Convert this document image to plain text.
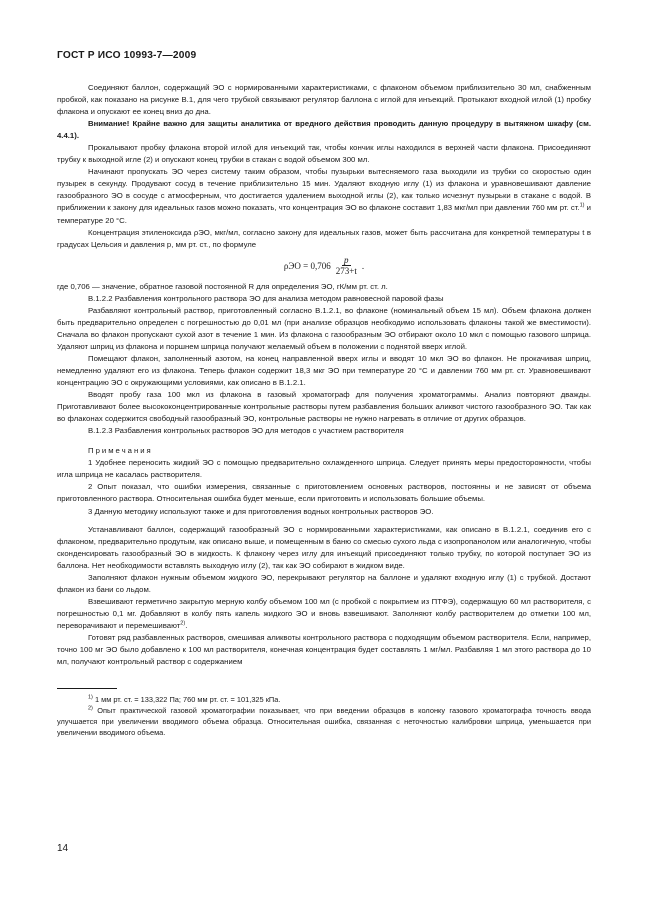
ГОСТ Р ИСО 10993-7—2009

Соединяют баллон, содержащий ЭО с нормированными характеристиками, с флаконом объемом приблизительно 30 мл, снабженным пробкой, как показано на рисунке В.1, для чего трубкой связывают регулятор баллона с иглой для инъекций. Протыкают входной иглой (1) пробку флакона и опускают ее конец вниз до дна.

Внимание! Крайне важно для защиты аналитика от вредного действия проводить данную процедуру в вытяжном шкафу (см. 4.4.1).

Прокалывают пробку флакона второй иглой для инъекций так, чтобы кончик иглы находился в верхней части флакона. Присоединяют трубку к выходной игле (2) и опускают конец трубки в стакан с водой объемом 300 мл.

Начинают пропускать ЭО через систему таким образом, чтобы пузырьки вытесняемого газа выходили из трубки со скоростью один пузырек в секунду. Продувают сосуд в течение приблизительно 15 мин. Удаляют входную иглу (1) из флакона и уравновешивают давление газообразного ЭО в сосуде с атмосферным, что достигается удалением выходной иглы (2), как только исчезнут пузырьки в стакане с водой. В приближении к закону для идеальных газов можно показать, что концентрация ЭО во флаконе составит 1,83 мкг/мл при давлении 760 мм рт. ст.$^{1)}$ и температуре 20 °C.

Концентрация этиленоксида ρЭО, мкг/мл, согласно закону для идеальных газов, может быть рассчитана для конкретной температуры t в градусах Цельсия и давления p, мм рт. ст., по формуле

$\rho ЭО = 0,706 \frac{p}{273+t}$ .

где 0,706 — значение, обратное газовой постоянной R для определения ЭО, гК/мм рт. ст. л.

В.1.2.2 Разбавления контрольного раствора ЭО для анализа методом равновесной паровой фазы

Разбавляют контрольный раствор, приготовленный согласно В.1.2.1, во флаконе (номинальный объем 15 мл). Объем флакона должен быть предварительно определен с погрешностью до 0,01 мл (при анализе образцов необходимо использовать флаконы такой же вместимости). Сначала во флакон пропускают сухой азот в течение 1 мин. Из флакона с газообразным ЭО отбирают около 10 мкл с помощью газового шприца. Удаляют шприц из флакона и поршнем шприца получают желаемый объем в положении с поднятой вверх иглой.

Помещают флакон, заполненный азотом, на конец направленной вверх иглы и вводят 10 мкл ЭО во флакон. Не прокачивая шприц, немедленно удаляют его из флакона. Теперь флакон содержит 18,3 мкг ЭО при температуре 20 °C и давлении 760 мм рт. ст. Уравновешивают концентрацию ЭО с окружающими условиями, как описано в В.1.2.1.

Вводят пробу газа 100 мкл из флакона в газовый хроматограф для получения хроматограммы. Анализ повторяют дважды. Приготавливают более высококонцентрированные контрольные растворы путем разбавления больших аликвот чистого газообразного ЭО. Так как во флаконах содержится свободный газообразный ЭО, контрольные растворы не нужно нагревать в отличие от других образцов.

В.1.2.3 Разбавления контрольных растворов ЭО для методов с участием растворителя

Примечания

1 Удобнее переносить жидкий ЭО с помощью предварительно охлажденного шприца. Следует принять меры предосторожности, чтобы игла шприца не касалась растворителя.

2 Опыт показал, что ошибки измерения, связанные с приготовлением основных растворов, постоянны и не зависят от объема приготовленного раствора. Относительная ошибка будет меньше, если приготовить и использовать большие объемы.

3 Данную методику используют также и для приготовления водных контрольных растворов ЭО.

Устанавливают баллон, содержащий газообразный ЭО с нормированными характеристиками, как описано в В.1.2.1, соединив его с флаконом, предварительно продутым, как описано выше, и помещенным в баню со смесью сухого льда с изопропанолом или аналогичную, чтобы сконденсировать газообразный ЭО в жидкость. К флакону через иглу для инъекций присоединяют только трубку, по которой поступает ЭО из баллона. Нет необходимости вставлять выходную иглу (2), так как ЭО собирают в жидком виде.

Заполняют флакон нужным объемом жидкого ЭО, перекрывают регулятор на баллоне и удаляют входную иглу (1) с трубкой. Достают флакон из бани со льдом.

Взвешивают герметично закрытую мерную колбу объемом 100 мл (с пробкой с покрытием из ПТФЭ), содержащую 60 мл растворителя, с погрешностью 0,1 мг. Добавляют в колбу пять капель жидкого ЭО и вновь взвешивают. Заполняют колбу растворителем до отметки 100 мл, переворачивают и перемешивают$^{2)}$.

Готовят ряд разбавленных растворов, смешивая аликвоты контрольного раствора с подходящим объемом растворителя. Если, например, точно 100 мг ЭО было добавлено к 100 мл растворителя, конечная концентрация будет составлять 1 мг/мл. Разбавляя 1 мл этого раствора до 10 мл, получают контрольный раствор с содержанием

$^{1)}$ 1 мм рт. ст. = 133,322 Па; 760 мм рт. ст. = 101,325 кПа.

$^{2)}$ Опыт практической газовой хроматографии показывает, что при введении образцов в колонку газового хроматографа точность ввода улучшается при увеличении вводимого объема образца. Относительная ошибка, связанная с неточностью калибровки шприца, уменьшается при увеличении вводимого объема.

14
